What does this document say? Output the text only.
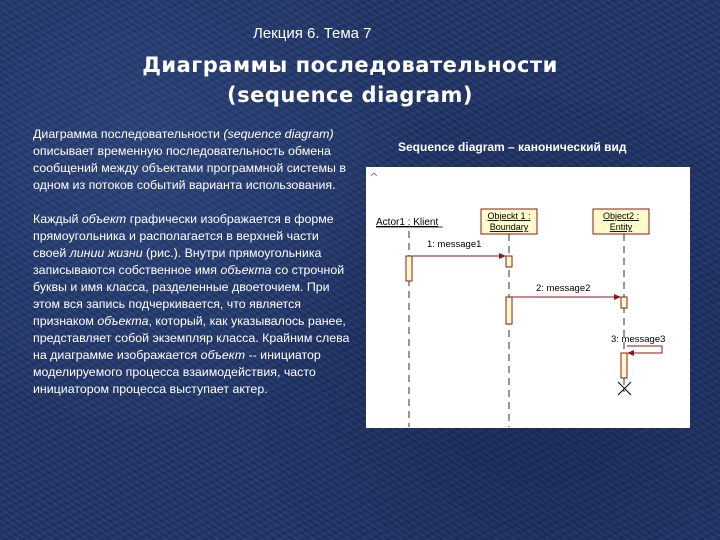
Лекция 6. Тема 7
Диаграммы последовательности
(sequence diagram)

Диаграмма последовательности (sequence diagram) описывает временную последовательность обмена сообщений между объектами программной системы в одном из потоков событий варианта использования.

Каждый объект графически изображается в форме прямоугольника и располагается в верхней части своей линии жизни (рис.). Внутри прямоугольника записываются собственное имя объекта со строчной буквы и имя класса, разделенные двоеточием. При этом вся запись подчеркивается, что является признаком объекта, который, как указывалось ранее, представляет собой экземпляр класса. Крайним слева на диаграмме изображается объект -- инициатор моделируемого процесса взаимодействия, часто инициатором процесса выступает актер.

Sequence diagram – канонический вид
Actor1 : Klient
Objeckt 1 :
Boundary
Object2 :
Entity
1: message1
2: message2
3: message3
